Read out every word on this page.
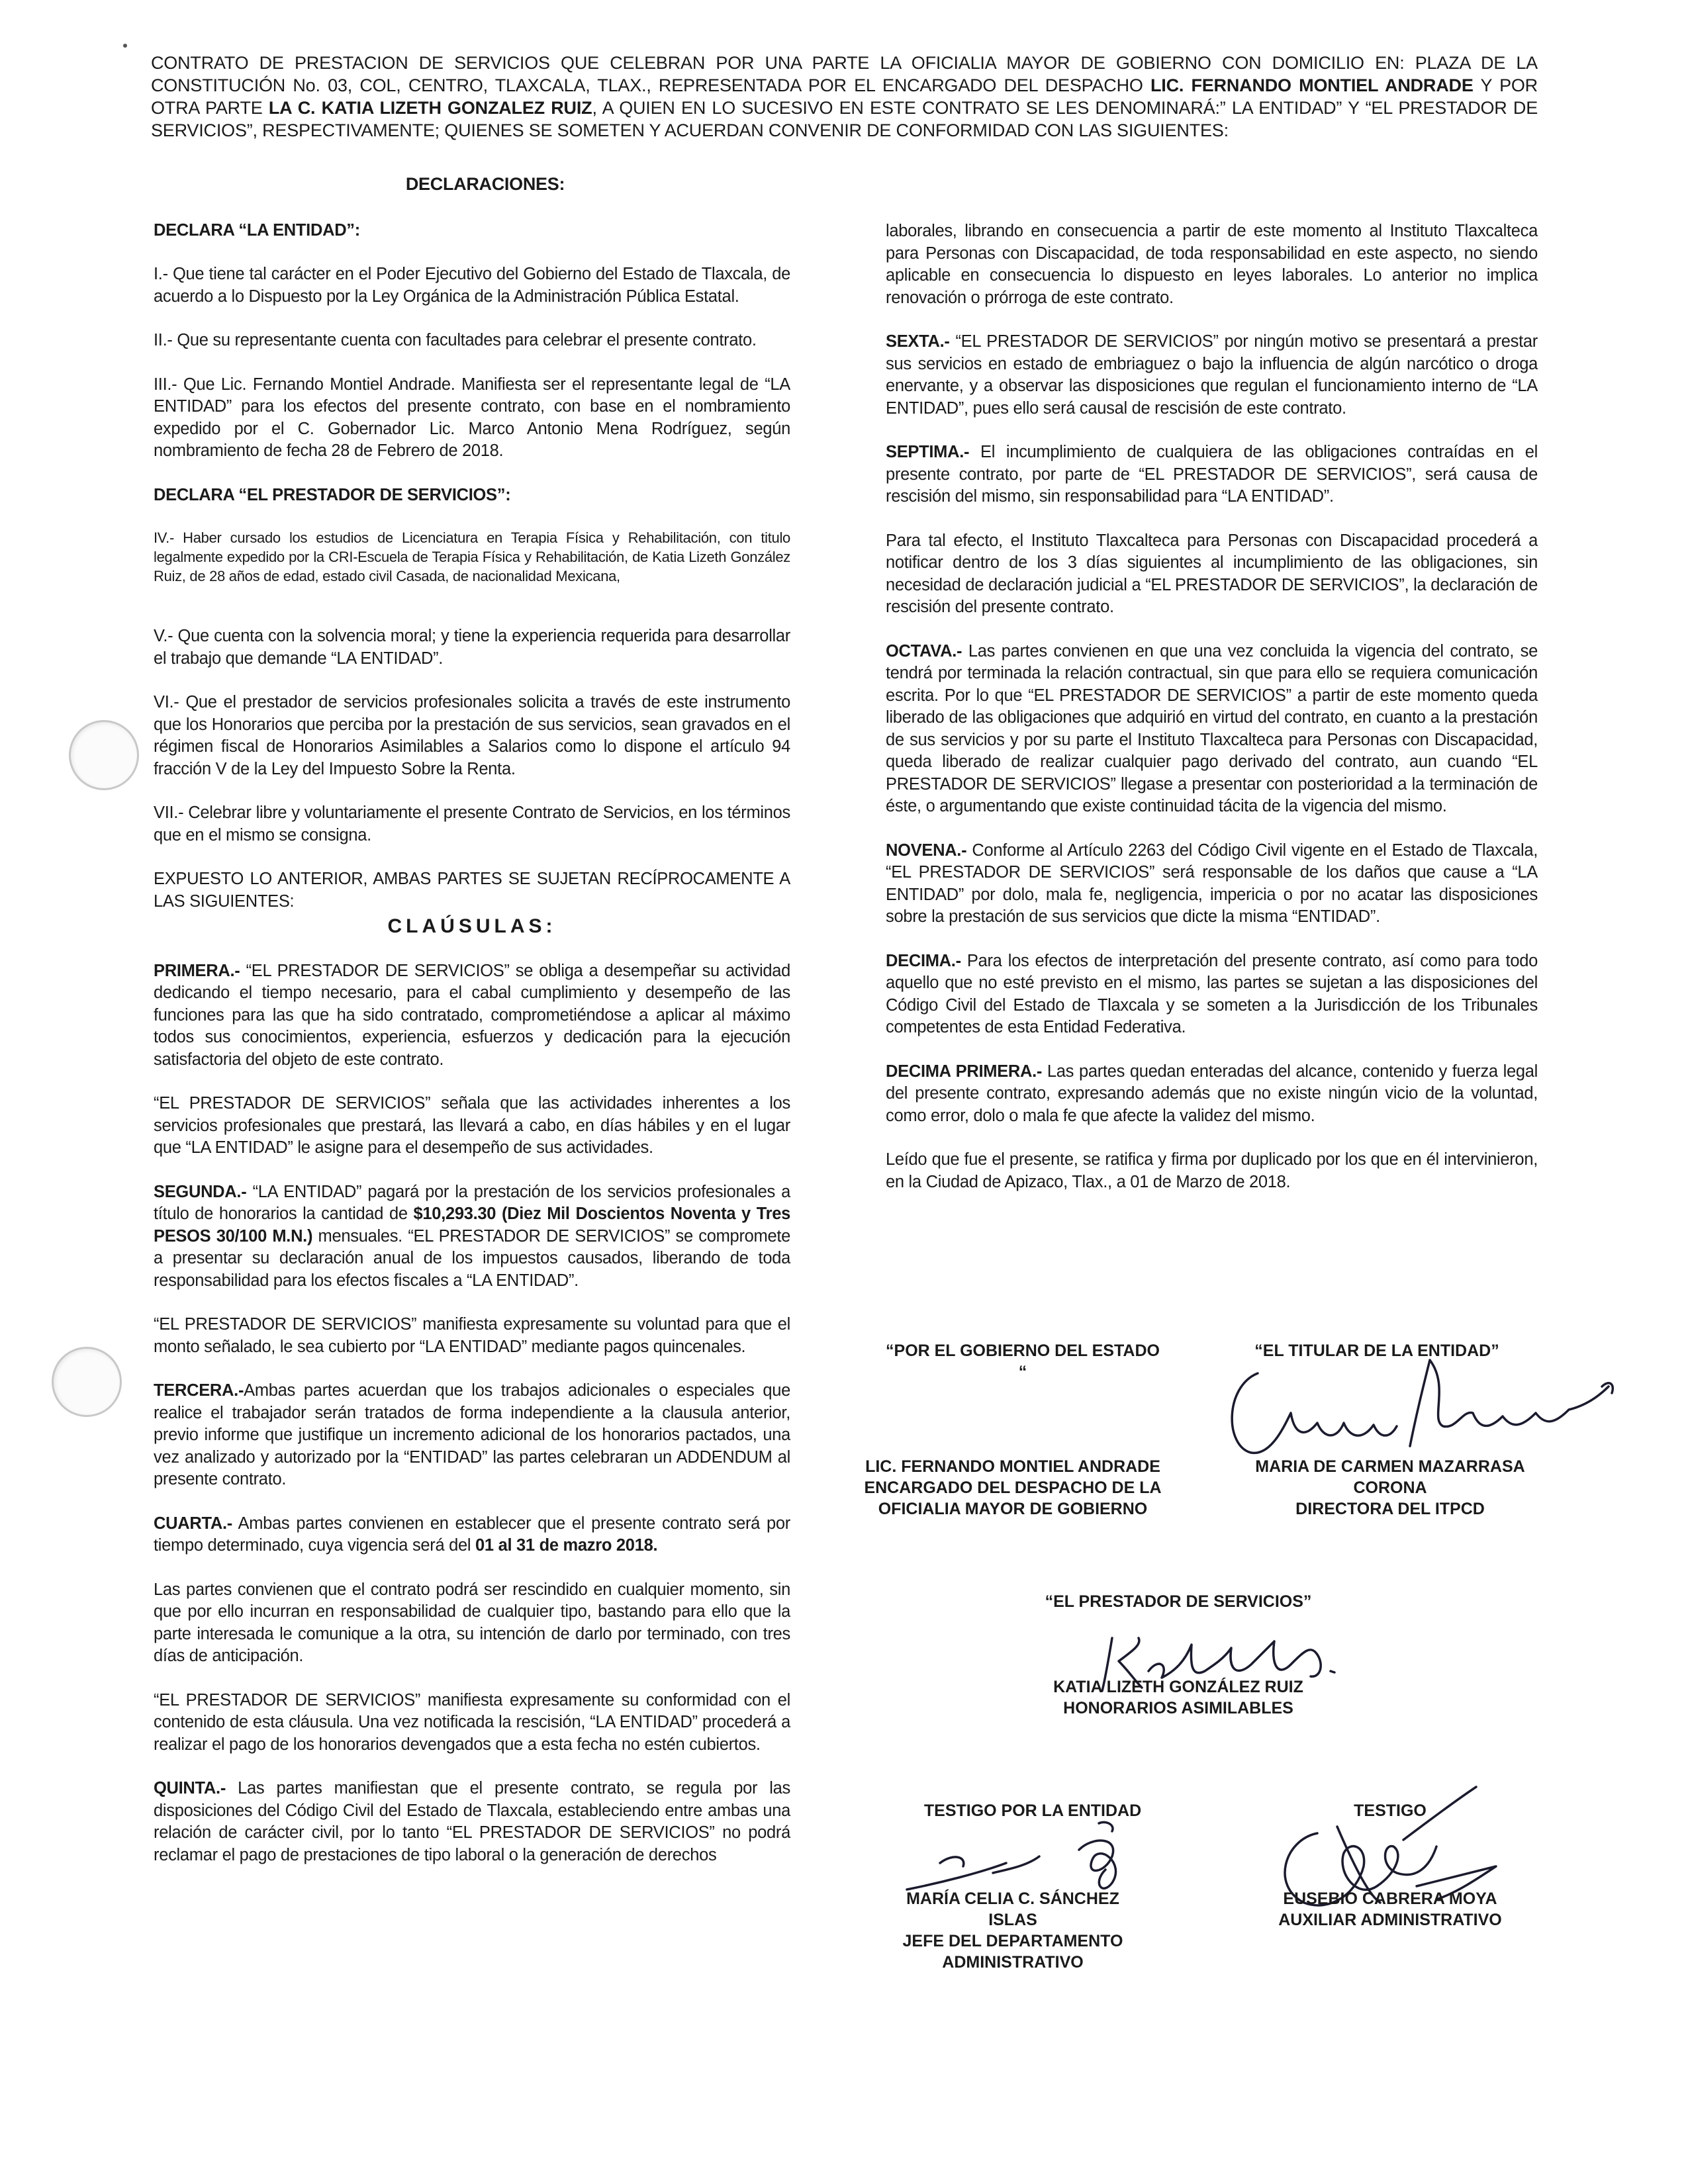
CONTRATO DE PRESTACION DE SERVICIOS QUE CELEBRAN POR UNA PARTE LA OFICIALIA MAYOR DE GOBIERNO CON DOMICILIO EN: PLAZA DE LA CONSTITUCIÓN No. 03, COL, CENTRO, TLAXCALA, TLAX., REPRESENTADA POR EL ENCARGADO DEL DESPACHO LIC. FERNANDO MONTIEL ANDRADE Y POR OTRA PARTE LA C. KATIA LIZETH GONZALEZ RUIZ, A QUIEN EN LO SUCESIVO EN ESTE CONTRATO SE LES DENOMINARÁ:” LA ENTIDAD” Y “EL PRESTADOR DE SERVICIOS”, RESPECTIVAMENTE; QUIENES SE SOMETEN Y ACUERDAN CONVENIR DE CONFORMIDAD CON LAS SIGUIENTES:

DECLARACIONES:

DECLARA “LA ENTIDAD”:

I.- Que tiene tal carácter en el Poder Ejecutivo del Gobierno del Estado de Tlaxcala, de acuerdo a lo Dispuesto por la Ley Orgánica de la Administración Pública Estatal.

II.- Que su representante cuenta con facultades para celebrar el presente contrato.

III.- Que Lic. Fernando Montiel Andrade. Manifiesta ser el representante legal de “LA ENTIDAD” para los efectos del presente contrato, con base en el nombramiento expedido por el C. Gobernador Lic. Marco Antonio Mena Rodríguez, según nombramiento de fecha 28 de Febrero de 2018.

DECLARA “EL PRESTADOR DE SERVICIOS”:

IV.- Haber cursado los estudios de Licenciatura en Terapia Física y Rehabilitación, con titulo legalmente expedido por la CRI-Escuela de Terapia Física y Rehabilitación, de Katia Lizeth González Ruiz, de 28 años de edad, estado civil Casada, de nacionalidad Mexicana,

V.- Que cuenta con la solvencia moral; y tiene la experiencia requerida para desarrollar el trabajo que demande “LA ENTIDAD”.

VI.- Que el prestador de servicios profesionales solicita a través de este instrumento que los Honorarios que perciba por la prestación de sus servicios, sean gravados en el régimen fiscal de Honorarios Asimilables a Salarios como lo dispone el artículo 94 fracción V de la Ley del Impuesto Sobre la Renta.

VII.- Celebrar libre y voluntariamente el presente Contrato de Servicios, en los términos que en el mismo se consigna.

EXPUESTO LO ANTERIOR, AMBAS PARTES SE SUJETAN RECÍPROCAMENTE A LAS SIGUIENTES:

CLAÚSULAS:

PRIMERA.- “EL PRESTADOR DE SERVICIOS” se obliga a desempeñar su actividad dedicando el tiempo necesario, para el cabal cumplimiento y desempeño de las funciones para las que ha sido contratado, comprometiéndose a aplicar al máximo todos sus conocimientos, experiencia, esfuerzos y dedicación para la ejecución satisfactoria del objeto de este contrato.

“EL PRESTADOR DE SERVICIOS” señala que las actividades inherentes a los servicios profesionales que prestará, las llevará a cabo, en días hábiles y en el lugar que “LA ENTIDAD” le asigne para el desempeño de sus actividades.

SEGUNDA.- “LA ENTIDAD” pagará por la prestación de los servicios profesionales a título de honorarios la cantidad de $10,293.30 (Diez Mil Doscientos Noventa y Tres PESOS 30/100 M.N.) mensuales. “EL PRESTADOR DE SERVICIOS” se compromete a presentar su declaración anual de los impuestos causados, liberando de toda responsabilidad para los efectos fiscales a “LA ENTIDAD”.

“EL PRESTADOR DE SERVICIOS” manifiesta expresamente su voluntad para que el monto señalado, le sea cubierto por “LA ENTIDAD” mediante pagos quincenales.

TERCERA.-Ambas partes acuerdan que los trabajos adicionales o especiales que realice el trabajador serán tratados de forma independiente a la clausula anterior, previo informe que justifique un incremento adicional de los honorarios pactados, una vez analizado y autorizado por la “ENTIDAD” las partes celebraran un ADDENDUM al presente contrato.

CUARTA.- Ambas partes convienen en establecer que el presente contrato será por tiempo determinado, cuya vigencia será del 01 al 31 de mazro 2018.

Las partes convienen que el contrato podrá ser rescindido en cualquier momento, sin que por ello incurran en responsabilidad de cualquier tipo, bastando para ello que la parte interesada le comunique a la otra, su intención de darlo por terminado, con tres días de anticipación.

“EL PRESTADOR DE SERVICIOS” manifiesta expresamente su conformidad con el contenido de esta cláusula. Una vez notificada la rescisión, “LA ENTIDAD” procederá a realizar el pago de los honorarios devengados que a esta fecha no estén cubiertos.

QUINTA.- Las partes manifiestan que el presente contrato, se regula por las disposiciones del Código Civil del Estado de Tlaxcala, estableciendo entre ambas una relación de carácter civil, por lo tanto “EL PRESTADOR DE SERVICIOS” no podrá reclamar el pago de prestaciones de tipo laboral o la generación de derechos

laborales, librando en consecuencia a partir de este momento al Instituto Tlaxcalteca para Personas con Discapacidad, de toda responsabilidad en este aspecto, no siendo aplicable en consecuencia lo dispuesto en leyes laborales. Lo anterior no implica renovación o prórroga de este contrato.

SEXTA.- “EL PRESTADOR DE SERVICIOS” por ningún motivo se presentará a prestar sus servicios en estado de embriaguez o bajo la influencia de algún narcótico o droga enervante, y a observar las disposiciones que regulan el funcionamiento interno de “LA ENTIDAD”, pues ello será causal de rescisión de este contrato.

SEPTIMA.- El incumplimiento de cualquiera de las obligaciones contraídas en el presente contrato, por parte de “EL PRESTADOR DE SERVICIOS”, será causa de rescisión del mismo, sin responsabilidad para “LA ENTIDAD”.

Para tal efecto, el Instituto Tlaxcalteca para Personas con Discapacidad procederá a notificar dentro de los 3 días siguientes al incumplimiento de las obligaciones, sin necesidad de declaración judicial a “EL PRESTADOR DE SERVICIOS”, la declaración de rescisión del presente contrato.

OCTAVA.- Las partes convienen en que una vez concluida la vigencia del contrato, se tendrá por terminada la relación contractual, sin que para ello se requiera comunicación escrita. Por lo que “EL PRESTADOR DE SERVICIOS” a partir de este momento queda liberado de las obligaciones que adquirió en virtud del contrato, en cuanto a la prestación de sus servicios y por su parte el Instituto Tlaxcalteca para Personas con Discapacidad, queda liberado de realizar cualquier pago derivado del contrato, aun cuando “EL PRESTADOR DE SERVICIOS” llegase a presentar con posterioridad a la terminación de éste, o argumentando que existe continuidad tácita de la vigencia del mismo.

NOVENA.- Conforme al Artículo 2263 del Código Civil vigente en el Estado de Tlaxcala, “EL PRESTADOR DE SERVICIOS” será responsable de los daños que cause a “LA ENTIDAD” por dolo, mala fe, negligencia, impericia o por no acatar las disposiciones sobre la prestación de sus servicios que dicte la misma “ENTIDAD”.

DECIMA.- Para los efectos de interpretación del presente contrato, así como para todo aquello que no esté previsto en el mismo, las partes se sujetan a las disposiciones del Código Civil del Estado de Tlaxcala y se someten a la Jurisdicción de los Tribunales competentes de esta Entidad Federativa.

DECIMA PRIMERA.- Las partes quedan enteradas del alcance, contenido y fuerza legal del presente contrato, expresando además que no existe ningún vicio de la voluntad, como error, dolo o mala fe que afecte la validez del mismo.

Leído que fue el presente, se ratifica y firma por duplicado por los que en él intervinieron, en la Ciudad de Apizaco, Tlax., a 01 de Marzo de 2018.

“POR EL GOBIERNO DEL ESTADO “
“EL TITULAR DE LA ENTIDAD”
LIC. FERNANDO MONTIEL ANDRADE
ENCARGADO DEL DESPACHO DE LA
OFICIALIA MAYOR DE GOBIERNO
MARIA DE CARMEN MAZARRASA
CORONA
DIRECTORA DEL ITPCD
“EL PRESTADOR DE SERVICIOS”
KATIA LIZETH GONZÁLEZ RUIZ
HONORARIOS ASIMILABLES
TESTIGO POR LA ENTIDAD	TESTIGO
MARÍA CELIA C. SÁNCHEZ ISLAS
JEFE DEL DEPARTAMENTO
ADMINISTRATIVO
EUSEBIO CABRERA MOYA
AUXILIAR ADMINISTRATIVO
